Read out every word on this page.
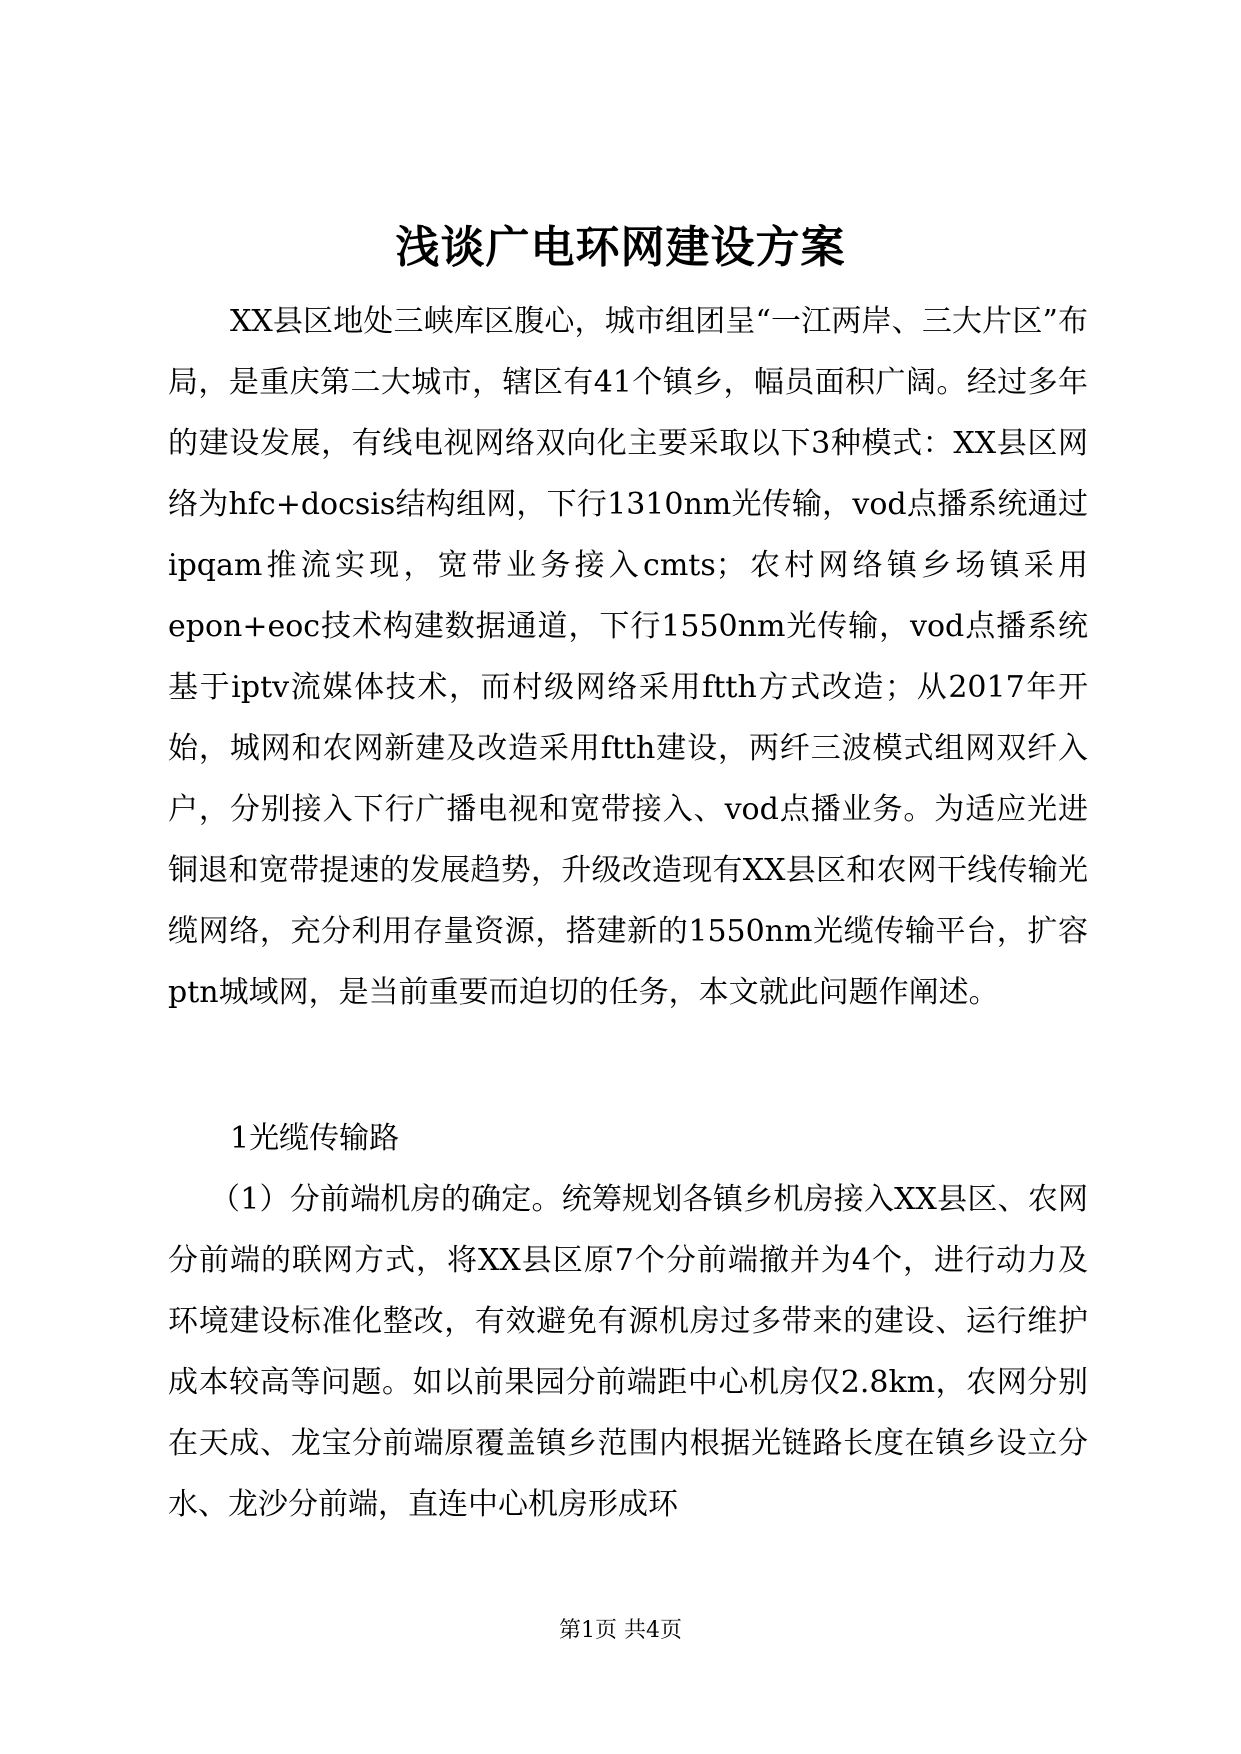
浅谈广电环网建设方案
XX县区地处三峡库区腹心，城市组团呈“一江两岸、三大片区”布局，是重庆第二大城市，辖区有41个镇乡，幅员面积广阔。经过多年的建设发展，有线电视网络双向化主要采取以下3种模式：XX县区网络为hfc+docsis结构组网，下行1310nm光传输，vod点播系统通过ipqam推流实现，宽带业务接入cmts；农村网络镇乡场镇采用epon+eoc技术构建数据通道，下行1550nm光传输，vod点播系统基于iptv流媒体技术，而村级网络采用ftth方式改造；从2017年开始，城网和农网新建及改造采用ftth建设，两纤三波模式组网双纤入户，分别接入下行广播电视和宽带接入、vod点播业务。为适应光进铜退和宽带提速的发展趋势，升级改造现有XX县区和农网干线传输光缆网络，充分利用存量资源，搭建新的1550nm光缆传输平台，扩容ptn城域网，是当前重要而迫切的任务，本文就此问题作阐述。
1光缆传输路
（1）分前端机房的确定。统筹规划各镇乡机房接入XX县区、农网分前端的联网方式，将XX县区原7个分前端撤并为4个，进行动力及环境建设标准化整改，有效避免有源机房过多带来的建设、运行维护成本较高等问题。如以前果园分前端距中心机房仅2.8km，农网分别在天成、龙宝分前端原覆盖镇乡范围内根据光链路长度在镇乡设立分水、龙沙分前端，直连中心机房形成环
第1页 共4页
